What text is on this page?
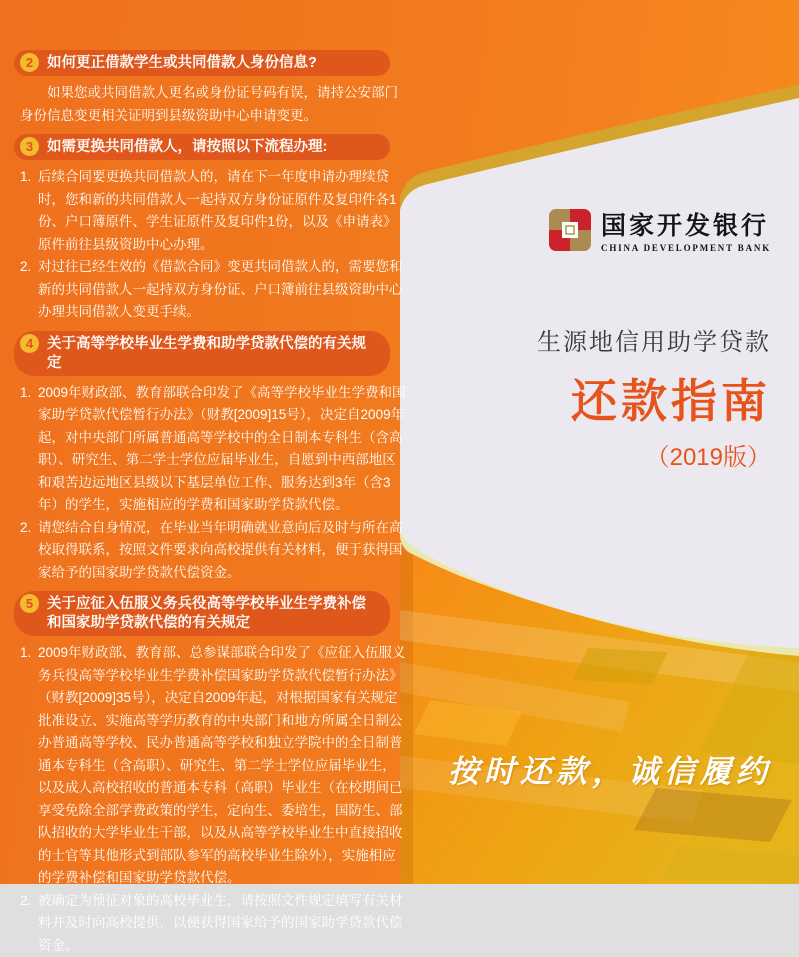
2 如何更正借款学生或共同借款人身份信息?

如果您或共同借款人更名或身份证号码有误，请持公安部门身份信息变更相关证明到县级资助中心申请变更。

3 如需更换共同借款人，请按照以下流程办理:
1. 后续合同要更换共同借款人的，请在下一年度申请办理续贷时，您和新的共同借款人一起持双方身份证原件及复印件各1份、户口簿原件、学生证原件及复印件1份，以及《申请表》原件前往县级资助中心办理。
2. 对过往已经生效的《借款合同》变更共同借款人的，需要您和新的共同借款人一起持双方身份证、户口簿前往县级资助中心办理共同借款人变更手续。
4 关于高等学校毕业生学费和助学贷款代偿的有关规定
1. 2009年财政部、教育部联合印发了《高等学校毕业生学费和国家助学贷款代偿暂行办法》（财教[2009]15号），决定自2009年起，对中央部门所属普通高等学校中的全日制本专科生（含高职）、研究生、第二学士学位应届毕业生，自愿到中西部地区和艰苦边远地区县级以下基层单位工作、服务达到3年（含3年）的学生，实施相应的学费和国家助学贷款代偿。
2. 请您结合自身情况，在毕业当年明确就业意向后及时与所在高校取得联系，按照文件要求向高校提供有关材料，便于获得国家给予的国家助学贷款代偿资金。
5 关于应征入伍服义务兵役高等学校毕业生学费补偿和国家助学贷款代偿的有关规定
1. 2009年财政部、教育部、总参谋部联合印发了《应征入伍服义务兵役高等学校毕业生学费补偿国家助学贷款代偿暂行办法》（财教[2009]35号），决定自2009年起，对根据国家有关规定批准设立、实施高等学历教育的中央部门和地方所属全日制公办普通高等学校、民办普通高等学校和独立学院中的全日制普通本专科生（含高职）、研究生、第二学士学位应届毕业生，以及成人高校招收的普通本专科（高职）毕业生（在校期间已享受免除全部学费政策的学生，定向生、委培生，国防生、部队招收的大学毕业生干部，以及从高等学校毕业生中直接招收的士官等其他形式到部队参军的高校毕业生除外），实施相应的学费补偿和国家助学贷款代偿。
2. 被确定为预征对象的高校毕业生，请按照文件规定填写有关材料并及时向高校提供，以便获得国家给予的国家助学贷款代偿资金。
国家开发银行
CHINA DEVELOPMENT BANK
生源地信用助学贷款
还款指南
（2019版）
按时还款，诚信履约
